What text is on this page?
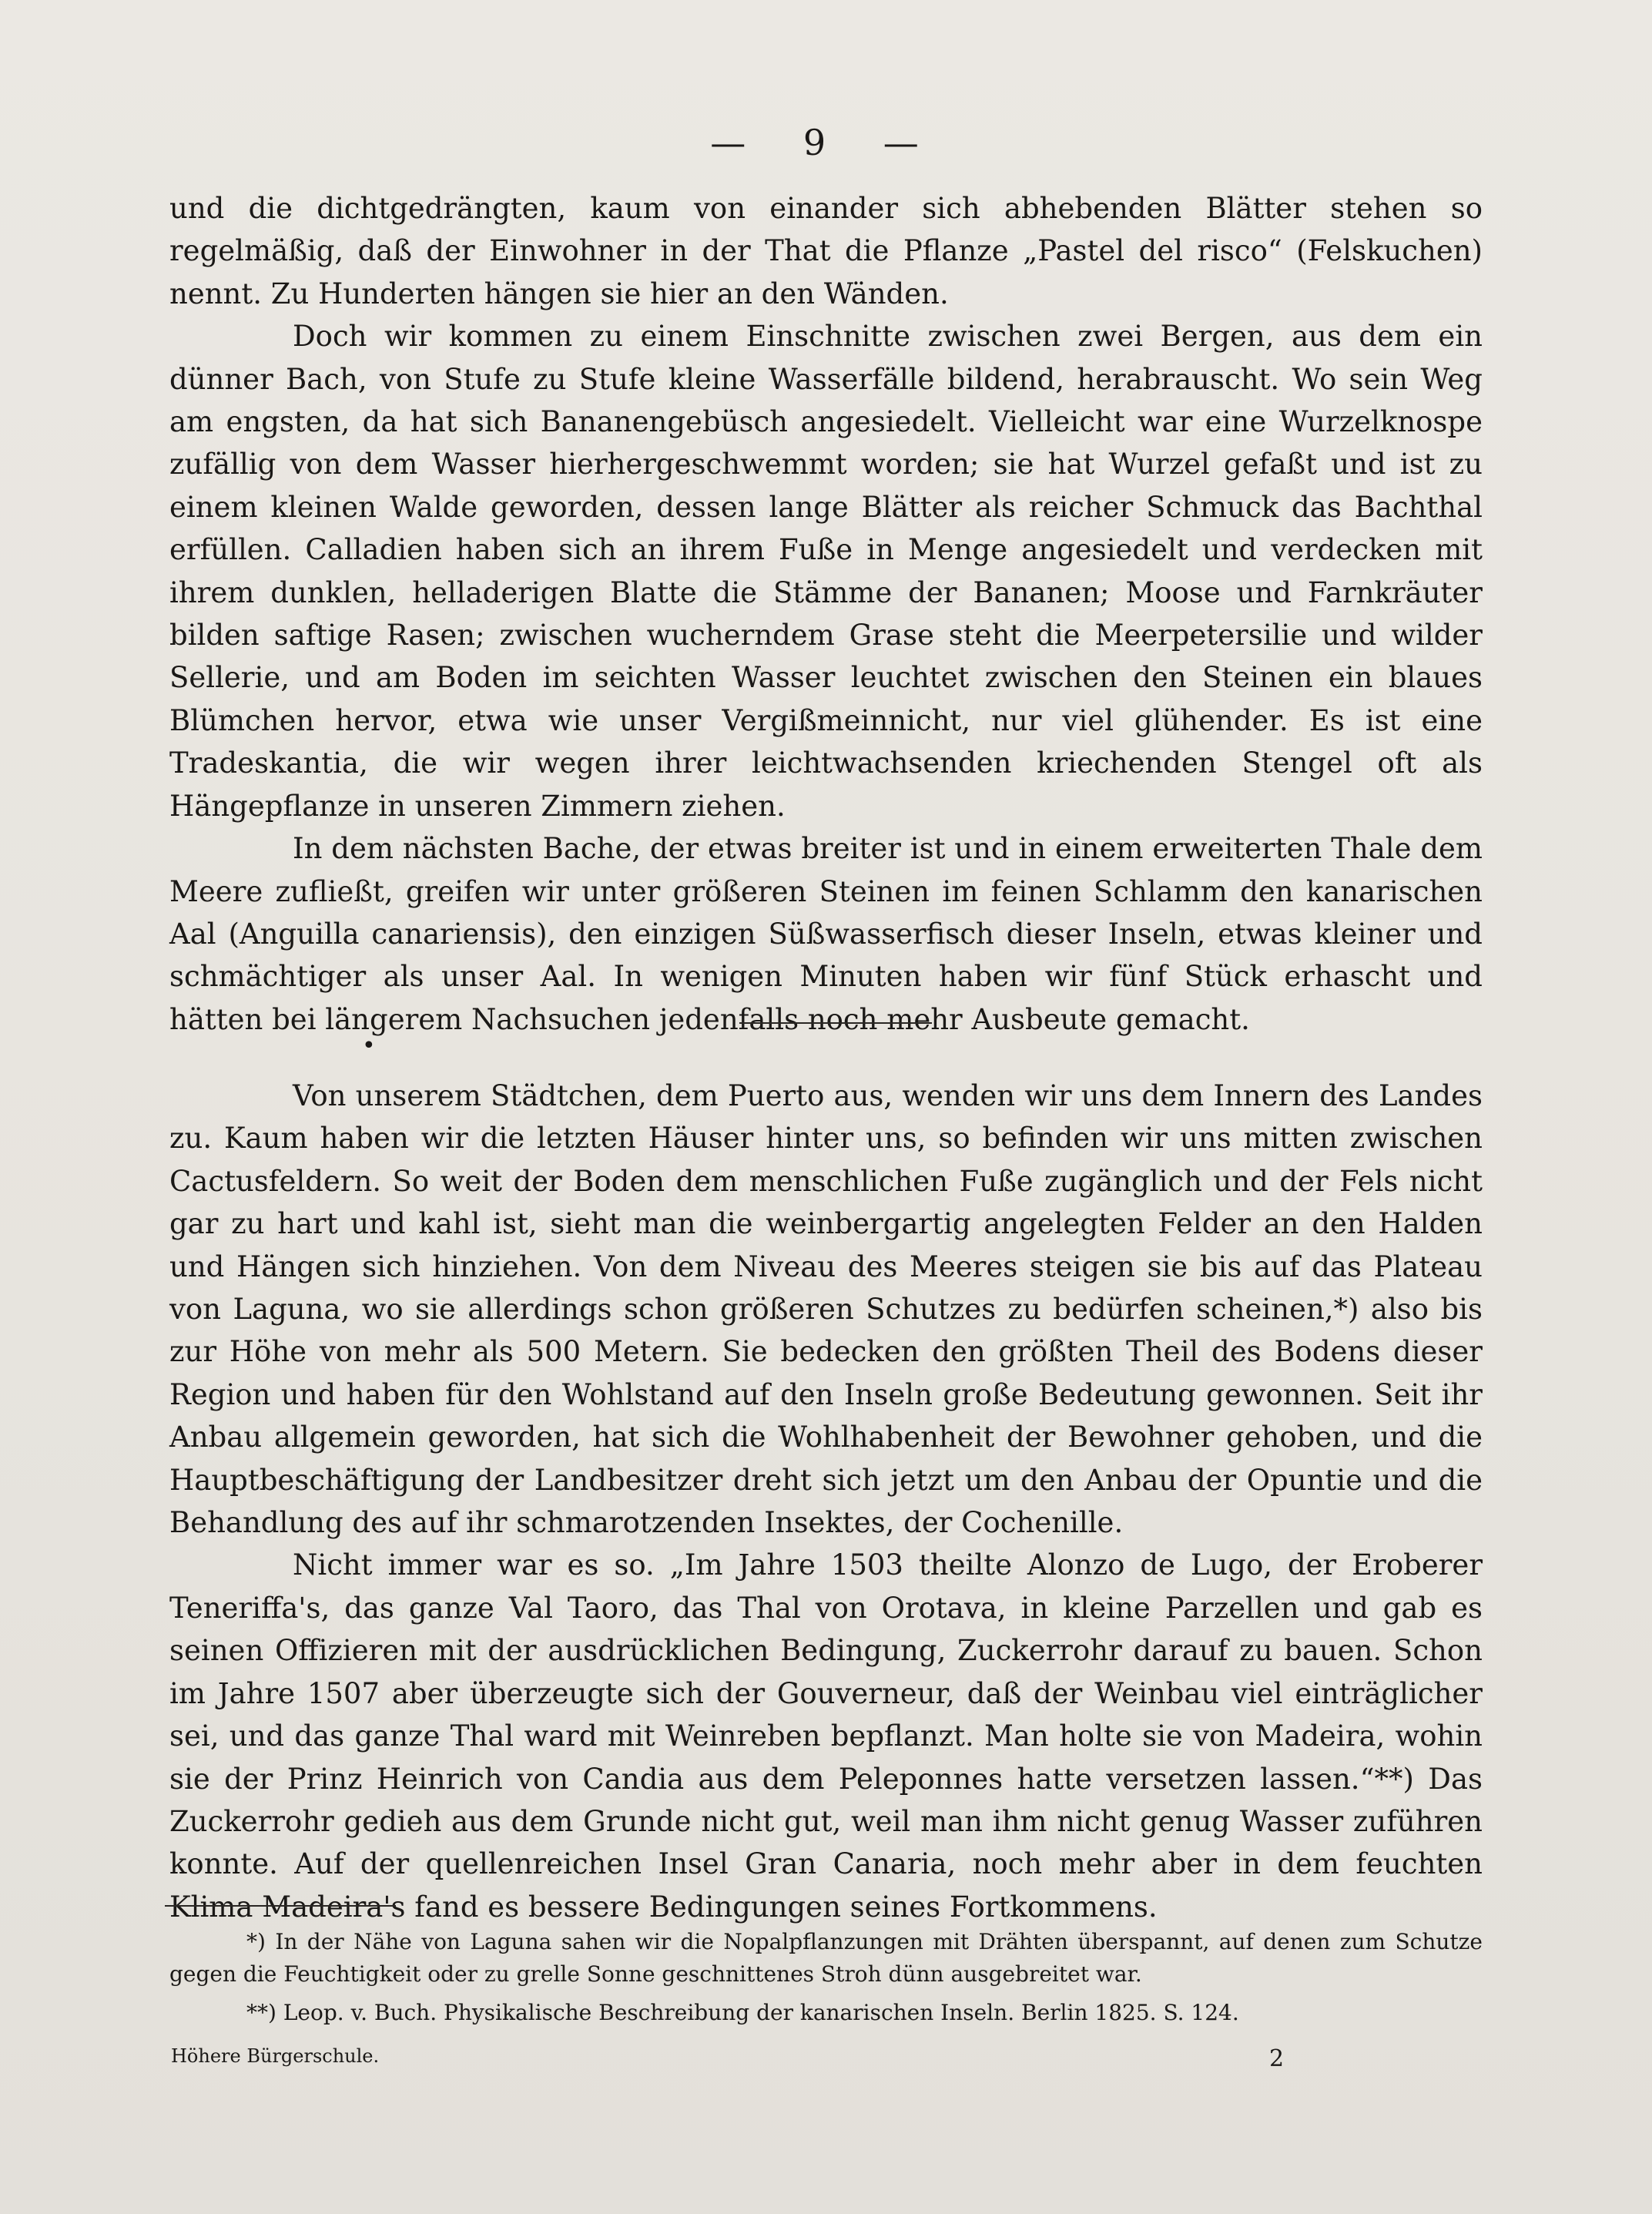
— 9 —

und die dichtgedrängten, kaum von einander sich abhebenden Blätter stehen so regelmäßig, daß der Einwohner in der That die Pflanze „Pastel del risco“ (Felskuchen) nennt. Zu Hunderten hängen sie hier an den Wänden.

Doch wir kommen zu einem Einschnitte zwischen zwei Bergen, aus dem ein dünner Bach, von Stufe zu Stufe kleine Wasserfälle bildend, herabrauscht. Wo sein Weg am engsten, da hat sich Bananengebüsch angesiedelt. Vielleicht war eine Wurzelknospe zufällig von dem Wasser hierhergeschwemmt worden; sie hat Wurzel gefaßt und ist zu einem kleinen Walde geworden, dessen lange Blätter als reicher Schmuck das Bachthal erfüllen. Calladien haben sich an ihrem Fuße in Menge angesiedelt und verdecken mit ihrem dunklen, helladerigen Blatte die Stämme der Bananen; Moose und Farnkräuter bilden saftige Rasen; zwischen wucherndem Grase steht die Meerpetersilie und wilder Sellerie, und am Boden im seichten Wasser leuchtet zwischen den Steinen ein blaues Blümchen hervor, etwa wie unser Vergißmeinnicht, nur viel glühender. Es ist eine Tradeskantia, die wir wegen ihrer leichtwachsenden kriechenden Stengel oft als Hängepflanze in unseren Zimmern ziehen.

In dem nächsten Bache, der etwas breiter ist und in einem erweiterten Thale dem Meere zufließt, greifen wir unter größeren Steinen im feinen Schlamm den kanarischen Aal (Anguilla canariensis), den einzigen Süßwasserfisch dieser Inseln, etwas kleiner und schmächtiger als unser Aal. In wenigen Minuten haben wir fünf Stück erhascht und hätten bei längerem Nachsuchen jedenfalls noch mehr Ausbeute gemacht.

•

Von unserem Städtchen, dem Puerto aus, wenden wir uns dem Innern des Landes zu. Kaum haben wir die letzten Häuser hinter uns, so befinden wir uns mitten zwischen Cactusfeldern. So weit der Boden dem menschlichen Fuße zugänglich und der Fels nicht gar zu hart und kahl ist, sieht man die weinbergartig angelegten Felder an den Halden und Hängen sich hinziehen. Von dem Niveau des Meeres steigen sie bis auf das Plateau von Laguna, wo sie allerdings schon größeren Schutzes zu bedürfen scheinen,*) also bis zur Höhe von mehr als 500 Metern. Sie bedecken den größten Theil des Bodens dieser Region und haben für den Wohlstand auf den Inseln große Bedeutung gewonnen. Seit ihr Anbau allgemein geworden, hat sich die Wohlhabenheit der Bewohner gehoben, und die Hauptbeschäftigung der Landbesitzer dreht sich jetzt um den Anbau der Opuntie und die Behandlung des auf ihr schmarotzenden Insektes, der Cochenille.

Nicht immer war es so. „Im Jahre 1503 theilte Alonzo de Lugo, der Eroberer Teneriffa's, das ganze Val Taoro, das Thal von Orotava, in kleine Parzellen und gab es seinen Offizieren mit der ausdrücklichen Bedingung, Zuckerrohr darauf zu bauen. Schon im Jahre 1507 aber überzeugte sich der Gouverneur, daß der Weinbau viel einträglicher sei, und das ganze Thal ward mit Weinreben bepflanzt. Man holte sie von Madeira, wohin sie der Prinz Heinrich von Candia aus dem Peleponnes hatte versetzen lassen.“**) Das Zuckerrohr gedieh aus dem Grunde nicht gut, weil man ihm nicht genug Wasser zuführen konnte. Auf der quellenreichen Insel Gran Canaria, noch mehr aber in dem feuchten Klima Madeira's fand es bessere Bedingungen seines Fortkommens.

*) In der Nähe von Laguna sahen wir die Nopalpflanzungen mit Drähten überspannt, auf denen zum Schutze gegen die Feuchtigkeit oder zu grelle Sonne geschnittenes Stroh dünn ausgebreitet war.
**) Leop. v. Buch. Physikalische Beschreibung der kanarischen Inseln. Berlin 1825. S. 124.
Höhere Bürgerschule.	2
